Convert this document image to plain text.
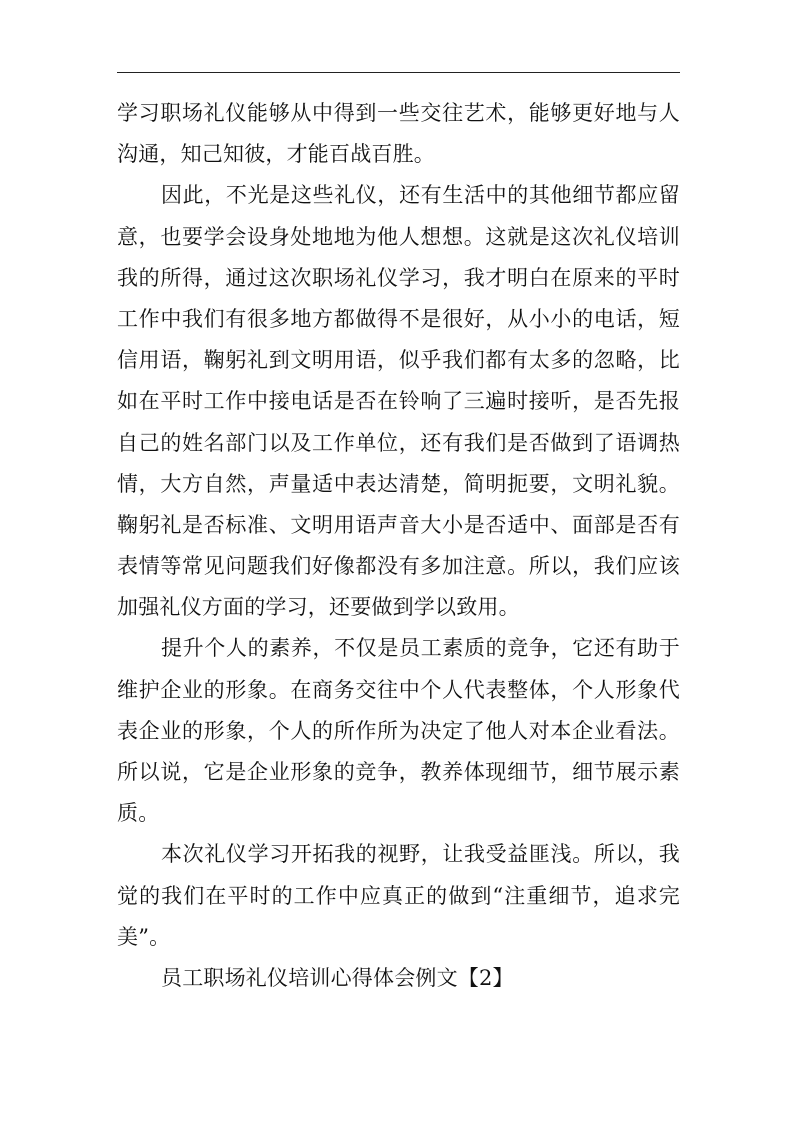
学习职场礼仪能够从中得到一些交往艺术，能够更好地与人
沟通，知己知彼，才能百战百胜。
因此，不光是这些礼仪，还有生活中的其他细节都应留
意，也要学会设身处地地为他人想想。这就是这次礼仪培训
我的所得，通过这次职场礼仪学习，我才明白在原来的平时
工作中我们有很多地方都做得不是很好，从小小的电话，短
信用语，鞠躬礼到文明用语，似乎我们都有太多的忽略，比
如在平时工作中接电话是否在铃响了三遍时接听，是否先报
自己的姓名部门以及工作单位，还有我们是否做到了语调热
情，大方自然，声量适中表达清楚，简明扼要，文明礼貌。
鞠躬礼是否标准、文明用语声音大小是否适中、面部是否有
表情等常见问题我们好像都没有多加注意。所以，我们应该
加强礼仪方面的学习，还要做到学以致用。
提升个人的素养，不仅是员工素质的竞争，它还有助于
维护企业的形象。在商务交往中个人代表整体，个人形象代
表企业的形象，个人的所作所为决定了他人对本企业看法。
所以说，它是企业形象的竞争，教养体现细节，细节展示素
质。
本次礼仪学习开拓我的视野，让我受益匪浅。所以，我
觉的我们在平时的工作中应真正的做到“注重细节，追求完
美”。
员工职场礼仪培训心得体会例文【2】
